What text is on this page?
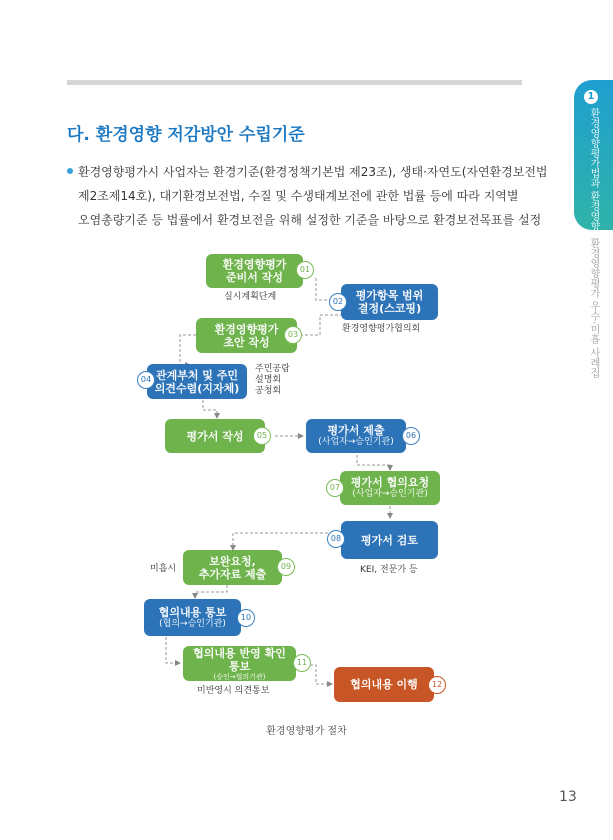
1
환경영향평가법과 환경영향평가
환경영향평가 우수·미흡 사례집
다. 환경영향 저감방안 수립기준
환경영향평가시 사업자는 환경기준(환경정책기본법 제23조), 생태·자연도(자연환경보전법
제2조제14호), 대기환경보전법, 수질 및 수생태계보전에 관한 법률 등에 따라 지역별
오염총량기준 등 법률에서 환경보전을 위해 설정한 기준을 바탕으로 환경보전목표를 설정
환경영향평가
준비서 작성
01
실시계획단계	평가항목 범위
결정(스코핑)
02
환경영향평가협의회
환경영향평가
초안 작성
03
관계부처 및 주민
의견수렴(지자체)
04
주민공람
설명회
공청회
평가서 작성	05	평가서 제출
(사업자→승인기관)
06
평가서 협의요청
(사업자→승인기관)
07
평가서 검토
08
KEI, 전문가 등
보완요청,
추가자료 제출
09
미흡시
협의내용 통보
(협의→승인기관)
10
협의내용 반영 확인
통보
(승인→협의기관)
11
미반영시 의견통보	협의내용 이행	12
환경영향평가 절차
13
